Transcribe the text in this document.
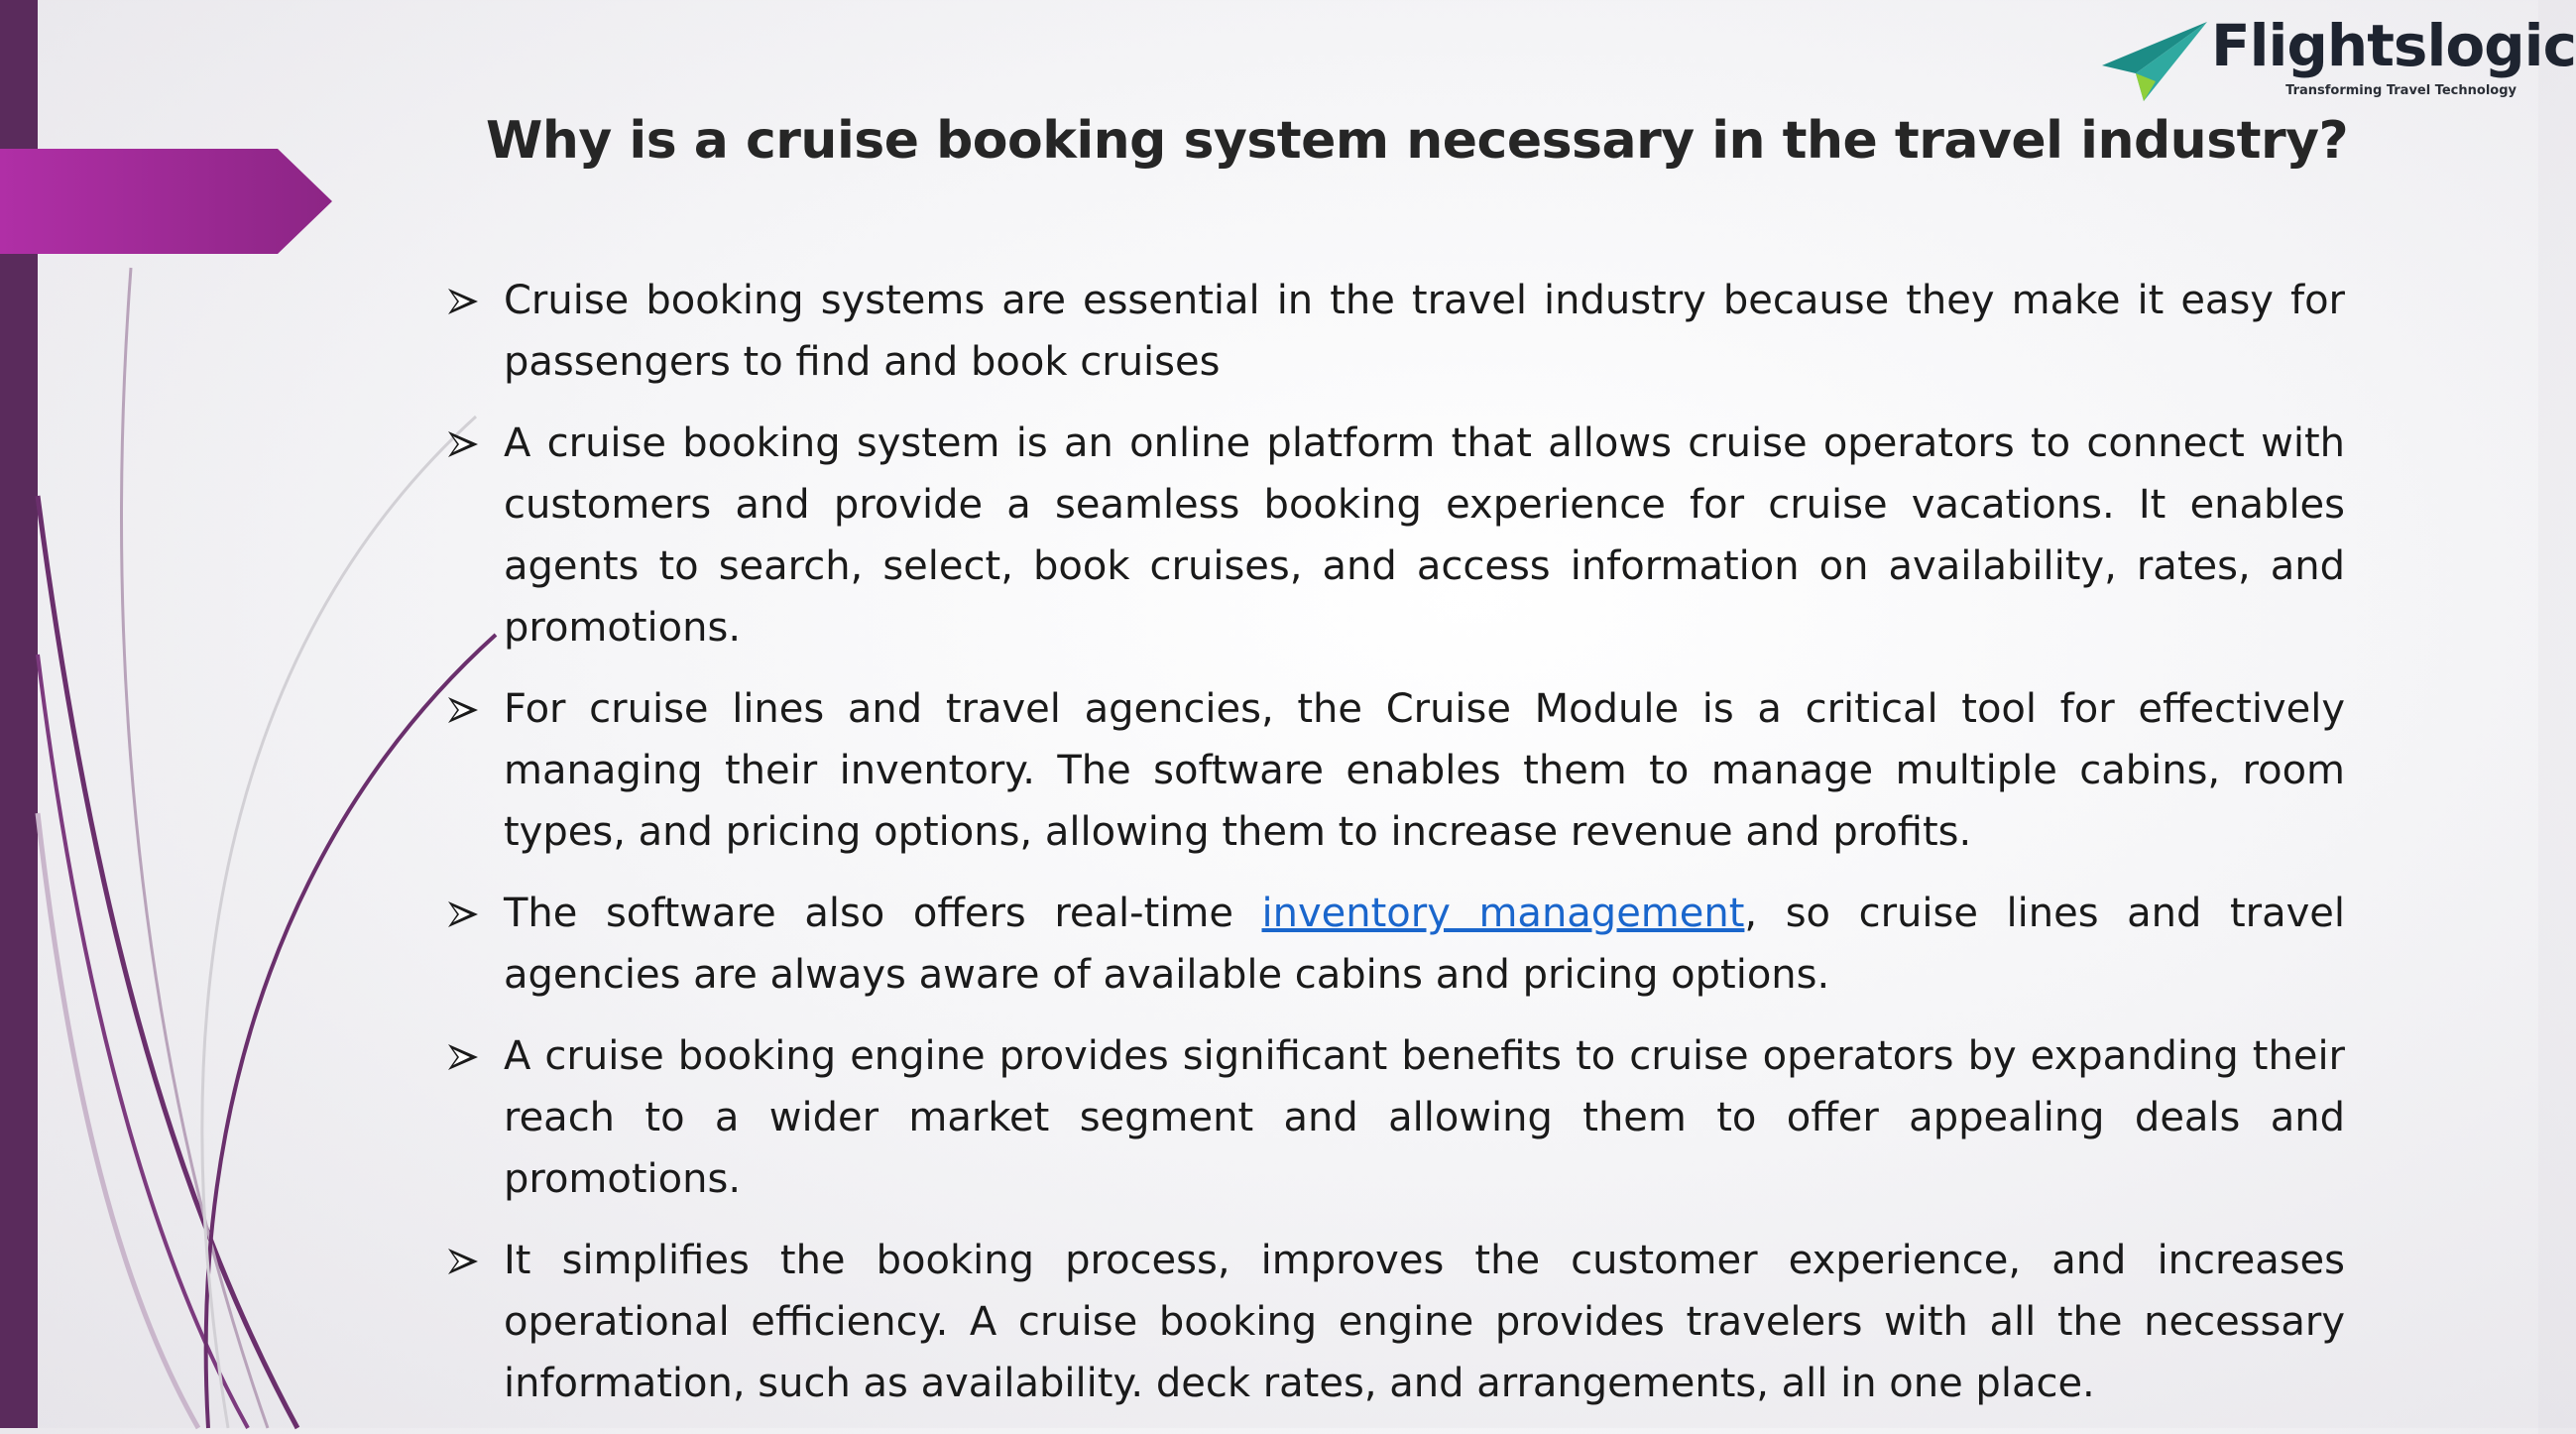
Flightslogic
Transforming Travel Technology
Why is a cruise booking system necessary in the travel industry?
Cruise booking systems are essential in the travel industry because they make it easy for passengers to find and book cruises
A cruise booking system is an online platform that allows cruise operators to connect with customers and provide a seamless booking experience for cruise vacations. It enables agents to search, select, book cruises, and access information on availability, rates, and promotions.
For cruise lines and travel agencies, the Cruise Module is a critical tool for effectively managing their inventory. The software enables them to manage multiple cabins, room types, and pricing options, allowing them to increase revenue and profits.
The software also offers real-time inventory management, so cruise lines and travel agencies are always aware of available cabins and pricing options.
A cruise booking engine provides significant benefits to cruise operators by expanding their reach to a wider market segment and allowing them to offer appealing deals and promotions.
It simplifies the booking process, improves the customer experience, and increases operational efficiency. A cruise booking engine provides travelers with all the necessary information, such as availability. deck rates, and arrangements, all in one place.
